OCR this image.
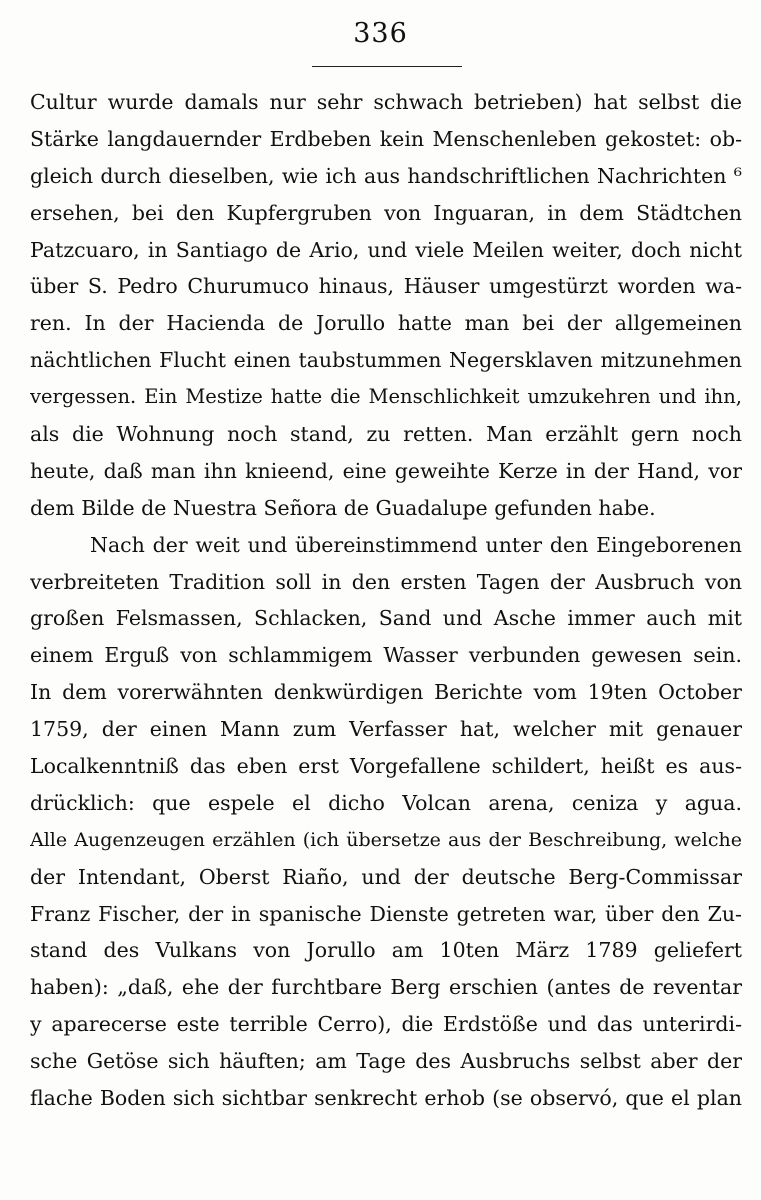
336
Cultur wurde damals nur sehr schwach betrieben) hat selbst die
Stärke langdauernder Erdbeben kein Menschenleben gekostet: ob-
gleich durch dieselben, wie ich aus handschriftlichen Nachrichten ⁶
ersehen, bei den Kupfergruben von Inguaran, in dem Städtchen
Patzcuaro, in Santiago de Ario, und viele Meilen weiter, doch nicht
über S. Pedro Churumuco hinaus, Häuser umgestürzt worden wa-
ren. In der Hacienda de Jorullo hatte man bei der allgemeinen
nächtlichen Flucht einen taubstummen Negersklaven mitzunehmen
vergessen. Ein Mestize hatte die Menschlichkeit umzukehren und ihn,
als die Wohnung noch stand, zu retten. Man erzählt gern noch
heute, daß man ihn knieend, eine geweihte Kerze in der Hand, vor
dem Bilde de Nuestra Señora de Guadalupe gefunden habe.
Nach der weit und übereinstimmend unter den Eingeborenen
verbreiteten Tradition soll in den ersten Tagen der Ausbruch von
großen Felsmassen, Schlacken, Sand und Asche immer auch mit
einem Erguß von schlammigem Wasser verbunden gewesen sein.
In dem vorerwähnten denkwürdigen Berichte vom 19ten October
1759, der einen Mann zum Verfasser hat, welcher mit genauer
Localkenntniß das eben erst Vorgefallene schildert, heißt es aus-
drücklich: que espele el dicho Volcan arena, ceniza y agua.
Alle Augenzeugen erzählen (ich übersetze aus der Beschreibung, welche
der Intendant, Oberst Riaño, und der deutsche Berg-Commissar
Franz Fischer, der in spanische Dienste getreten war, über den Zu-
stand des Vulkans von Jorullo am 10ten März 1789 geliefert
haben): „daß, ehe der furchtbare Berg erschien (antes de reventar
y aparecerse este terrible Cerro), die Erdstöße und das unterirdi-
sche Getöse sich häuften; am Tage des Ausbruchs selbst aber der
flache Boden sich sichtbar senkrecht erhob (se observó, que el plan
